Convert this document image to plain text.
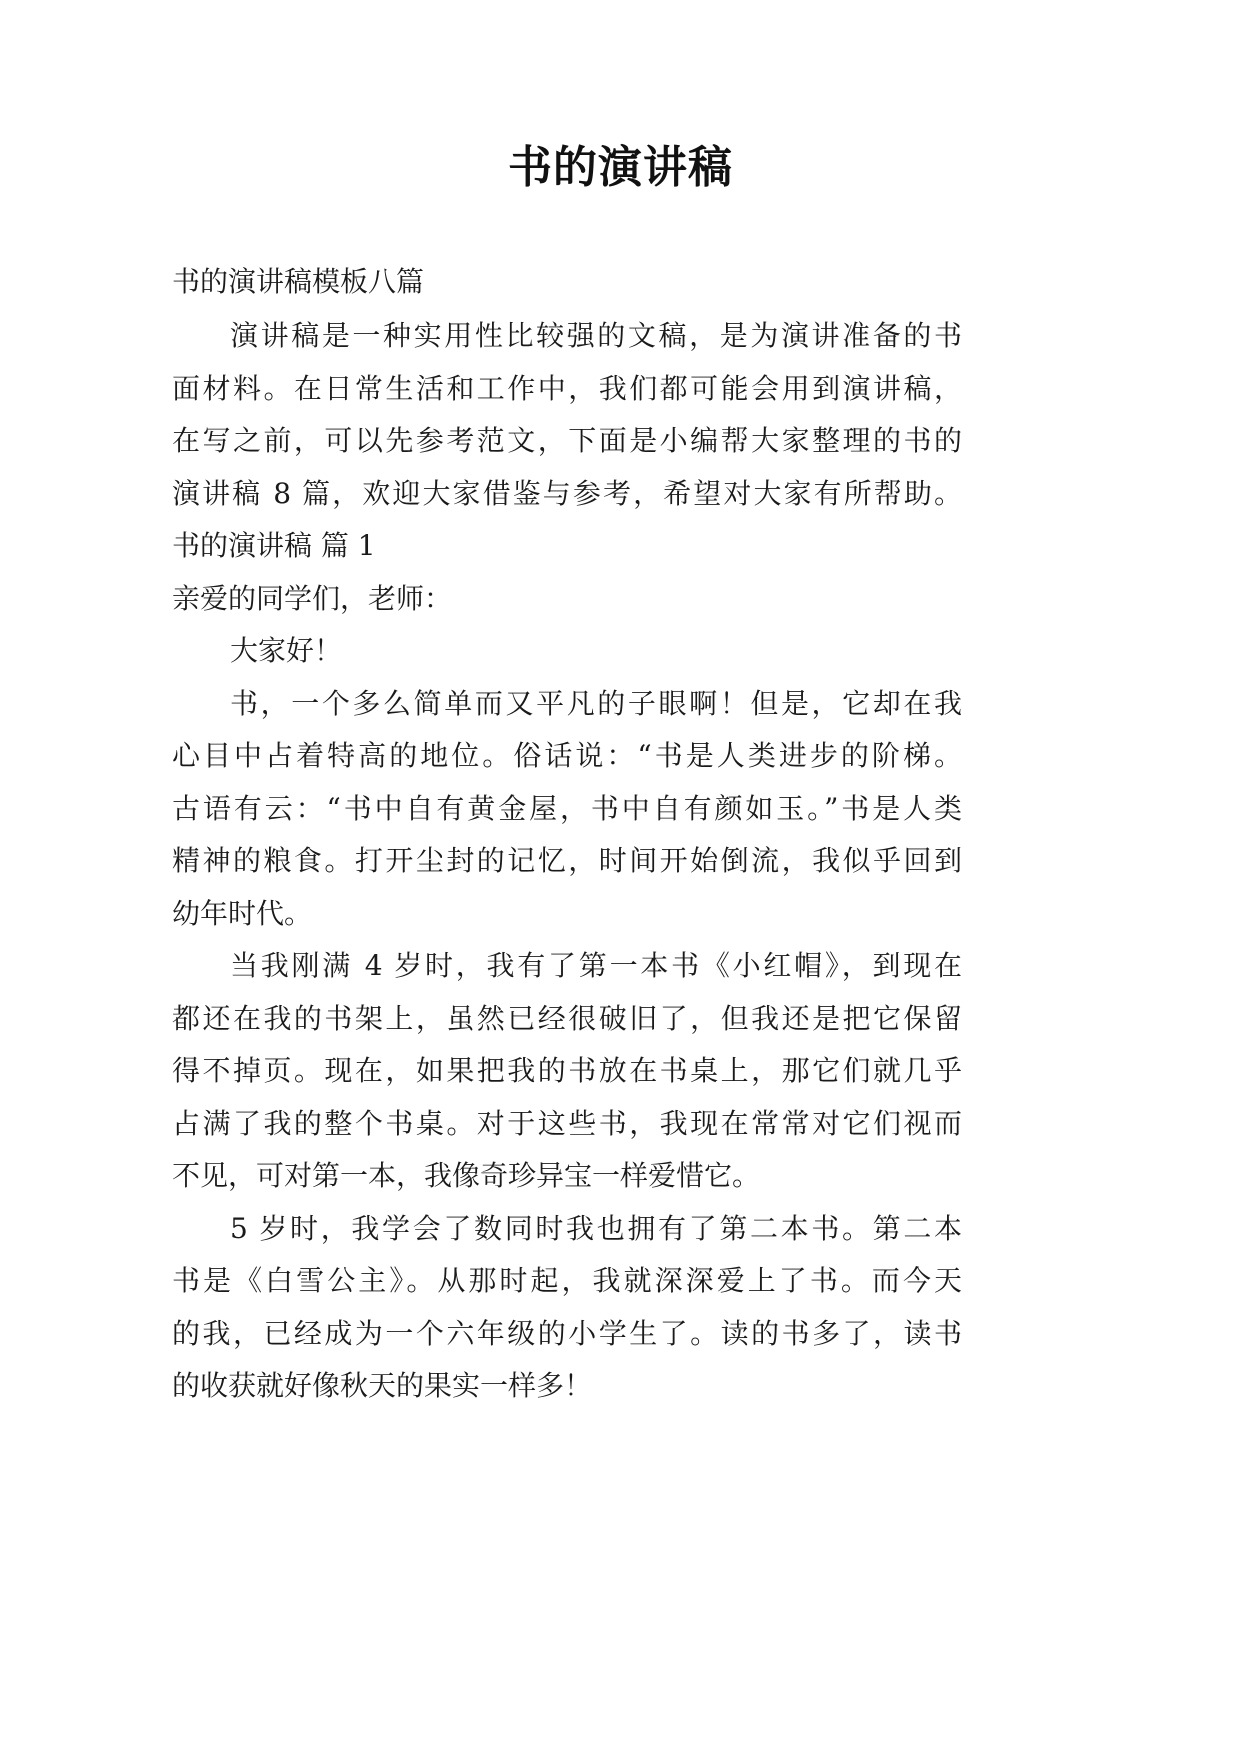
书的演讲稿
书的演讲稿模板八篇
演讲稿是一种实用性比较强的文稿，是为演讲准备的书
面材料。在日常生活和工作中，我们都可能会用到演讲稿，
在写之前，可以先参考范文，下面是小编帮大家整理的书的
演讲稿 8 篇，欢迎大家借鉴与参考，希望对大家有所帮助。
书的演讲稿 篇 1
亲爱的同学们，老师：
大家好！
书，一个多么简单而又平凡的子眼啊！但是，它却在我
心目中占着特高的地位。俗话说：“书是人类进步的阶梯。
古语有云：“书中自有黄金屋，书中自有颜如玉。”书是人类
精神的粮食。打开尘封的记忆，时间开始倒流，我似乎回到
幼年时代。
当我刚满 4 岁时，我有了第一本书《小红帽》，到现在
都还在我的书架上，虽然已经很破旧了，但我还是把它保留
得不掉页。现在，如果把我的书放在书桌上，那它们就几乎
占满了我的整个书桌。对于这些书，我现在常常对它们视而
不见，可对第一本，我像奇珍异宝一样爱惜它。
5 岁时，我学会了数同时我也拥有了第二本书。第二本
书是《白雪公主》。从那时起，我就深深爱上了书。而今天
的我，已经成为一个六年级的小学生了。读的书多了，读书
的收获就好像秋天的果实一样多！
